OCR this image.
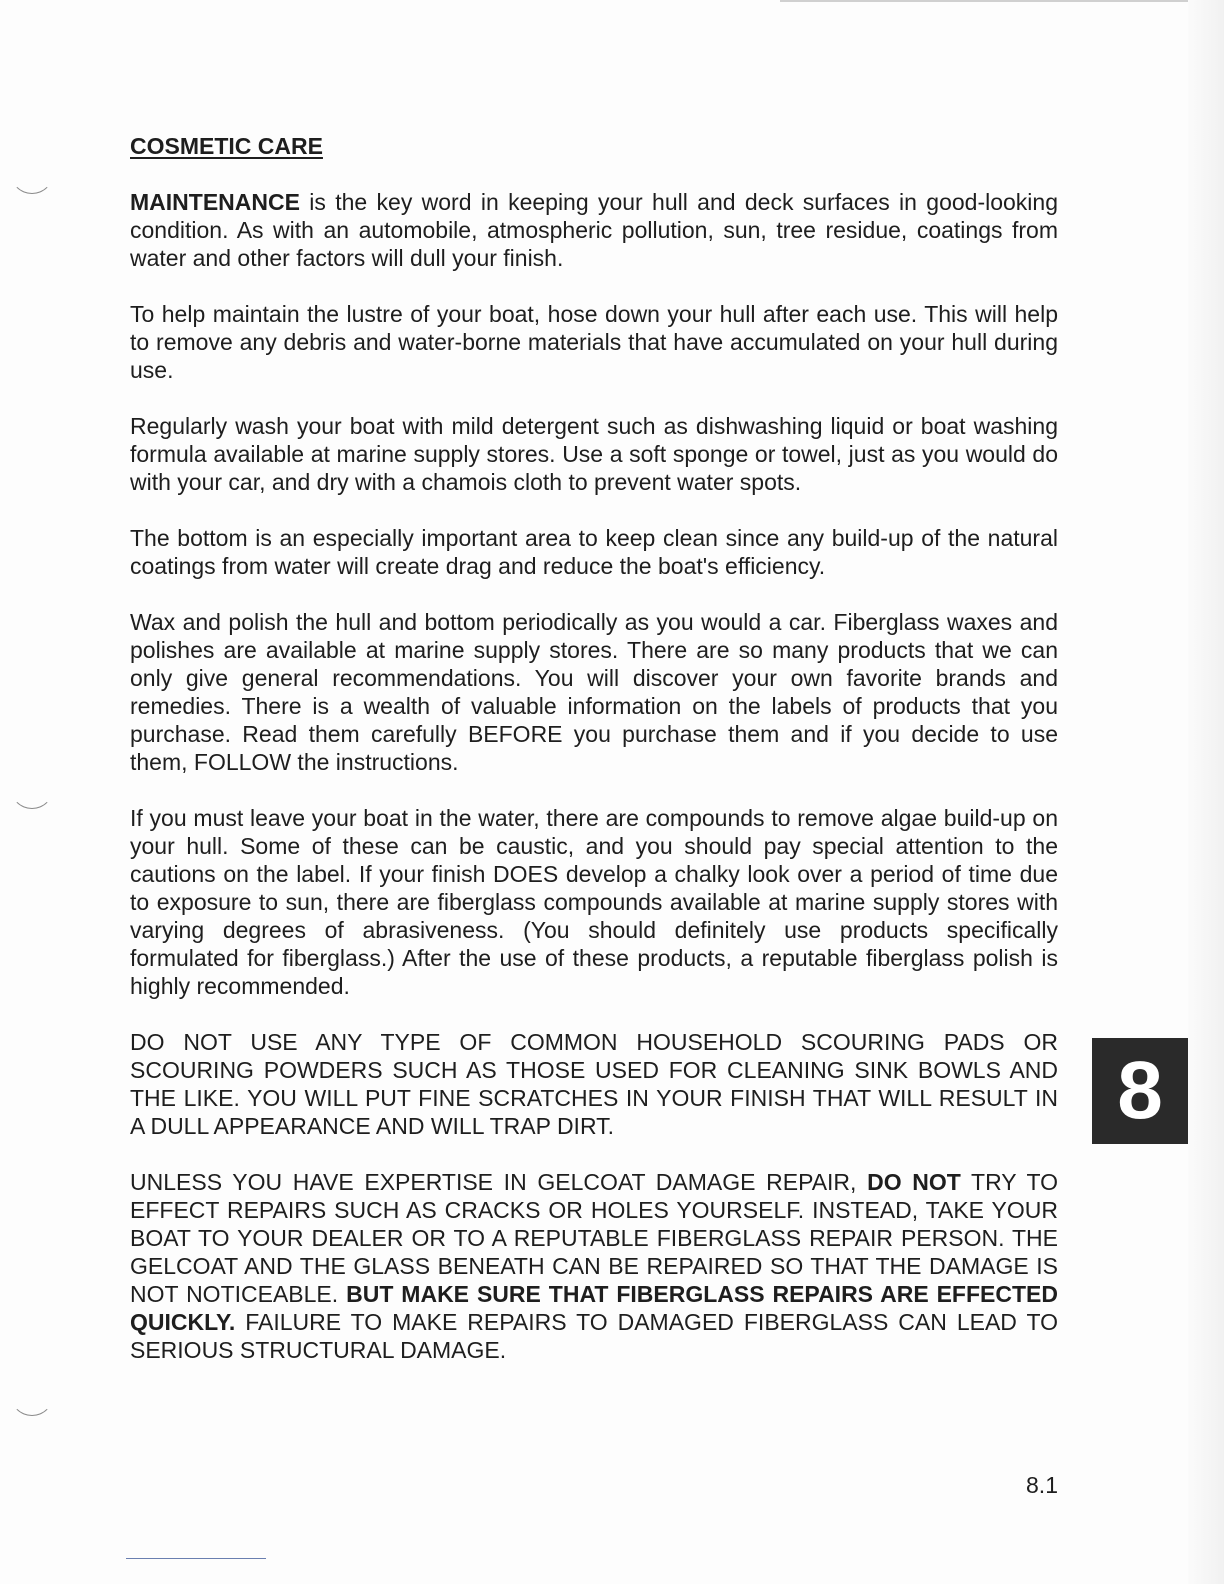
COSMETIC CARE

MAINTENANCE is the key word in keeping your hull and deck surfaces in good-looking condition. As with an automobile, atmospheric pollution, sun, tree residue, coatings from water and other factors will dull your finish.

To help maintain the lustre of your boat, hose down your hull after each use. This will help to remove any debris and water-borne materials that have accumulated on your hull during use.

Regularly wash your boat with mild detergent such as dishwashing liquid or boat washing formula available at marine supply stores. Use a soft sponge or towel, just as you would do with your car, and dry with a chamois cloth to prevent water spots.

The bottom is an especially important area to keep clean since any build-up of the natural coatings from water will create drag and reduce the boat's efficiency.

Wax and polish the hull and bottom periodically as you would a car. Fiberglass waxes and polishes are available at marine supply stores. There are so many products that we can only give general recommendations. You will discover your own favorite brands and remedies. There is a wealth of valuable information on the labels of products that you purchase. Read them carefully BEFORE you purchase them and if you decide to use them, FOLLOW the instructions.

If you must leave your boat in the water, there are compounds to remove algae build-up on your hull. Some of these can be caustic, and you should pay special attention to the cautions on the label. If your finish DOES develop a chalky look over a period of time due to exposure to sun, there are fiberglass compounds available at marine supply stores with varying degrees of abrasiveness. (You should definitely use products specifically formulated for fiberglass.) After the use of these products, a reputable fiberglass polish is highly recommended.

DO NOT USE ANY TYPE OF COMMON HOUSEHOLD SCOURING PADS OR SCOURING POWDERS SUCH AS THOSE USED FOR CLEANING SINK BOWLS AND THE LIKE. YOU WILL PUT FINE SCRATCHES IN YOUR FINISH THAT WILL RESULT IN A DULL APPEARANCE AND WILL TRAP DIRT.

UNLESS YOU HAVE EXPERTISE IN GELCOAT DAMAGE REPAIR, DO NOT TRY TO EFFECT REPAIRS SUCH AS CRACKS OR HOLES YOURSELF. INSTEAD, TAKE YOUR BOAT TO YOUR DEALER OR TO A REPUTABLE FIBERGLASS REPAIR PERSON. THE GELCOAT AND THE GLASS BENEATH CAN BE REPAIRED SO THAT THE DAMAGE IS NOT NOTICEABLE. BUT MAKE SURE THAT FIBERGLASS REPAIRS ARE EFFECTED QUICKLY. FAILURE TO MAKE REPAIRS TO DAMAGED FIBERGLASS CAN LEAD TO SERIOUS STRUCTURAL DAMAGE.

8
8.1
